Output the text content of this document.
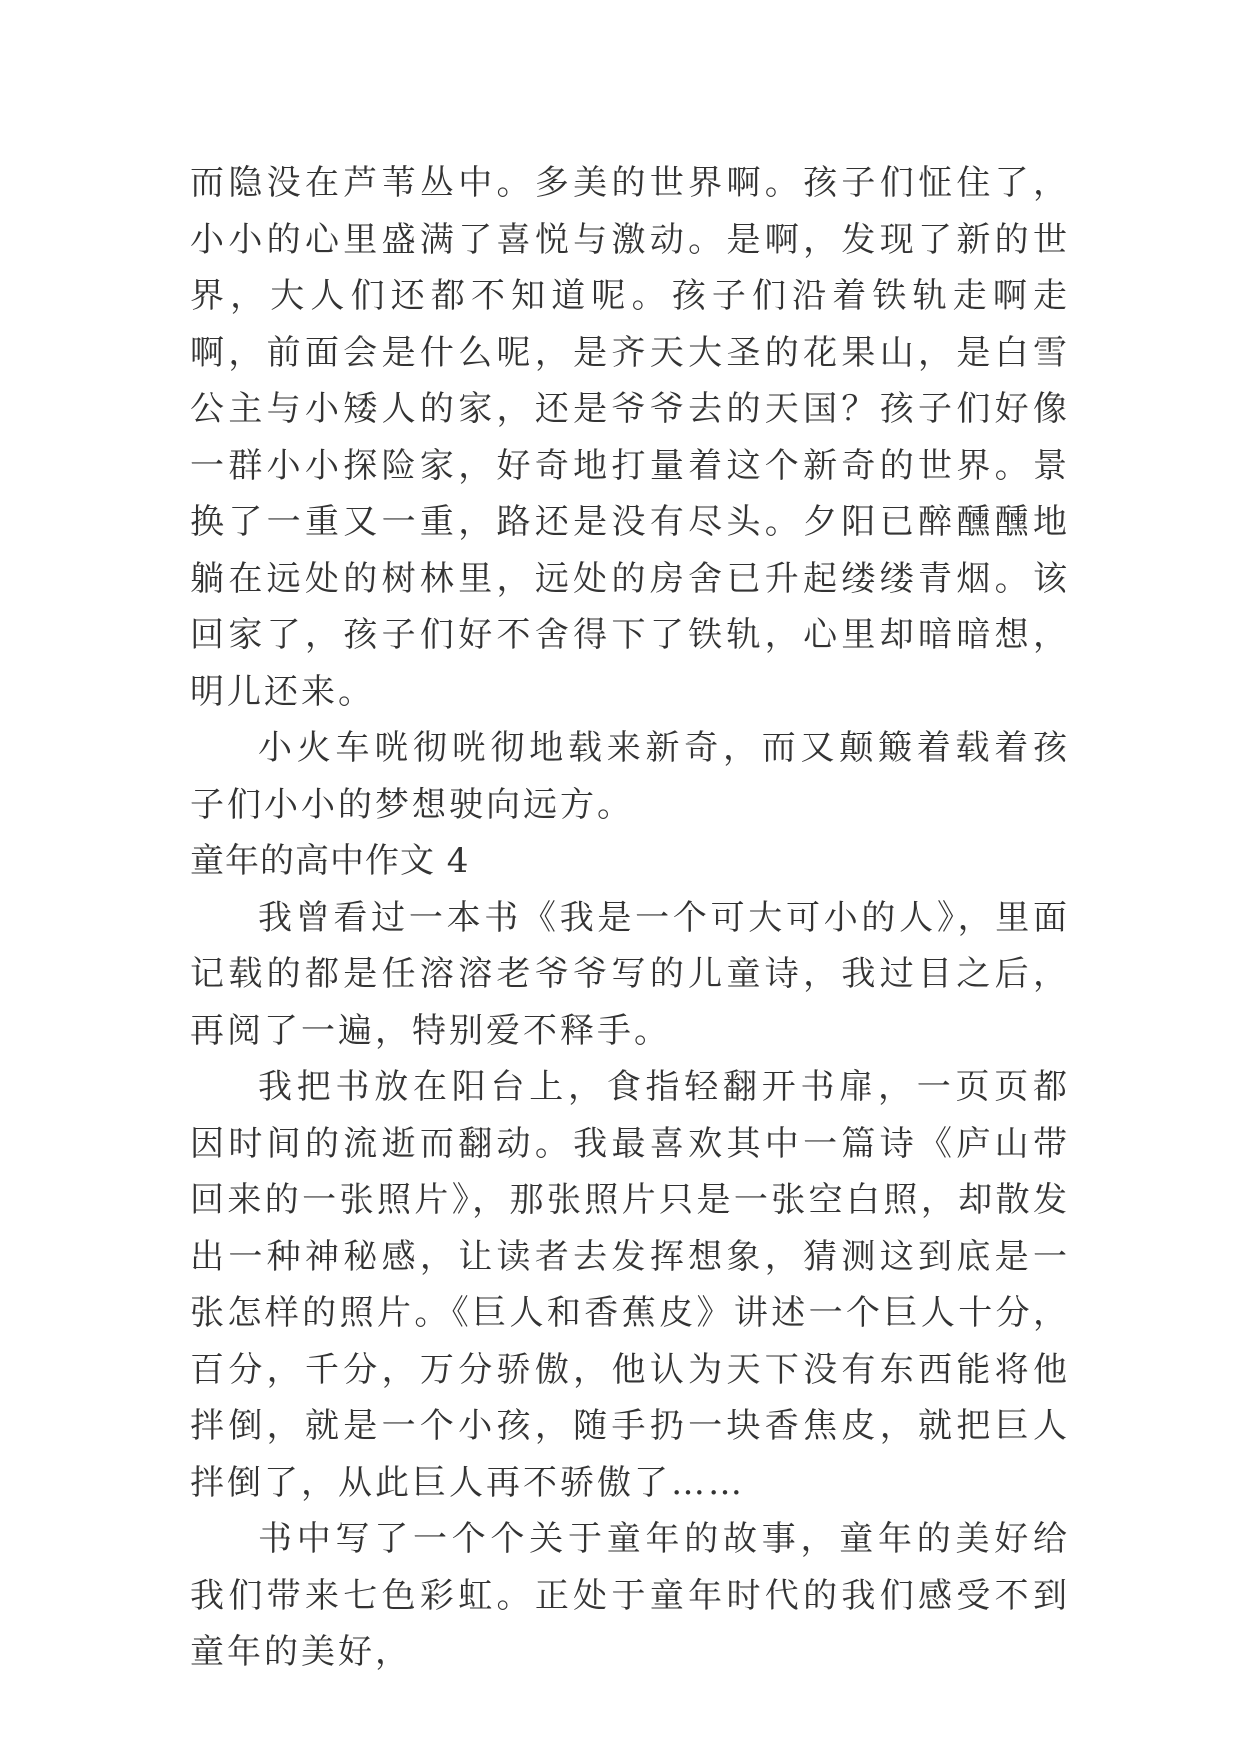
而隐没在芦苇丛中。多美的世界啊。孩子们怔住了，小小的心里盛满了喜悦与激动。是啊，发现了新的世界，大人们还都不知道呢。孩子们沿着铁轨走啊走啊，前面会是什么呢，是齐天大圣的花果山，是白雪公主与小矮人的家，还是爷爷去的天国？孩子们好像一群小小探险家，好奇地打量着这个新奇的世界。景换了一重又一重，路还是没有尽头。夕阳已醉醺醺地躺在远处的树林里，远处的房舍已升起缕缕青烟。该回家了，孩子们好不舍得下了铁轨，心里却暗暗想，明儿还来。

小火车咣彻咣彻地载来新奇，而又颠簸着载着孩子们小小的梦想驶向远方。

童年的高中作文 4

我曾看过一本书《我是一个可大可小的人》，里面记载的都是任溶溶老爷爷写的儿童诗，我过目之后，再阅了一遍，特别爱不释手。

我把书放在阳台上，食指轻翻开书扉，一页页都因时间的流逝而翻动。我最喜欢其中一篇诗《庐山带回来的一张照片》，那张照片只是一张空白照，却散发出一种神秘感，让读者去发挥想象，猜测这到底是一张怎样的照片。《巨人和香蕉皮》讲述一个巨人十分，百分，千分，万分骄傲，他认为天下没有东西能将他拌倒，就是一个小孩，随手扔一块香焦皮，就把巨人拌倒了，从此巨人再不骄傲了……

书中写了一个个关于童年的故事，童年的美好给我们带来七色彩虹。正处于童年时代的我们感受不到童年的美好，
